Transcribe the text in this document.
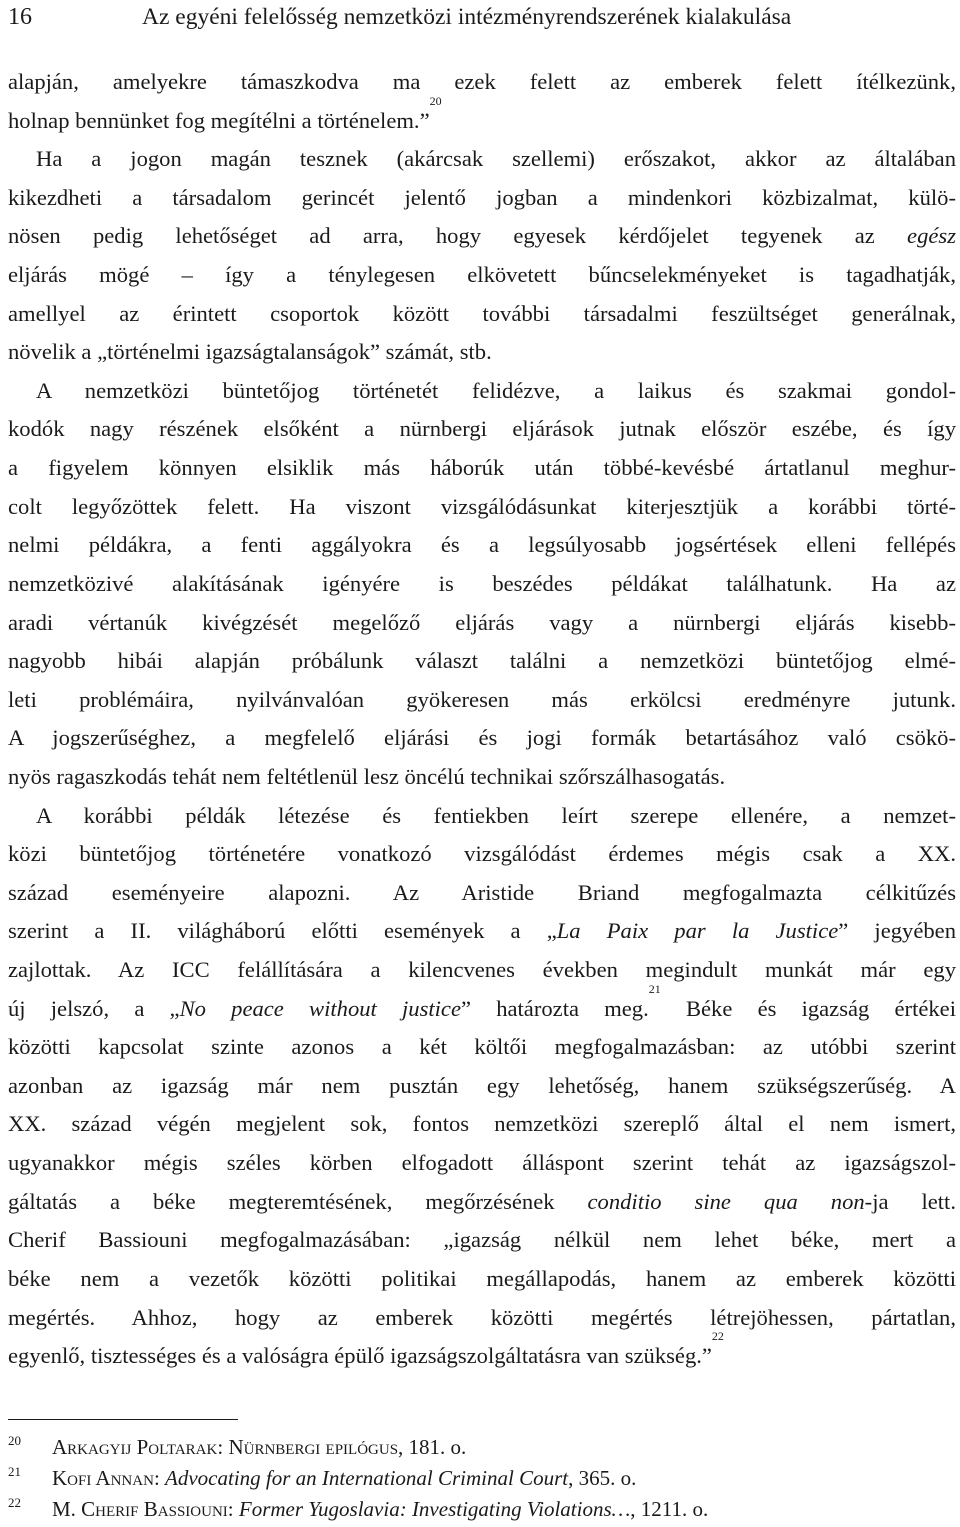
16	Az egyéni felelősség nemzetközi intézményrendszerének kialakulása
alapján, amelyekre támaszkodva ma ezek felett az emberek felett ítélkezünk,
holnap bennünket fog megítélni a történelem.”$^{20}$
Ha a jogon magán tesznek (akárcsak szellemi) erőszakot, akkor az általában
kikezdheti a társadalom gerincét jelentő jogban a mindenkori közbizalmat, külö-
nösen pedig lehetőséget ad arra, hogy egyesek kérdőjelet tegyenek az egész
eljárás mögé – így a ténylegesen elkövetett bűncselekményeket is tagadhatják,
amellyel az érintett csoportok között további társadalmi feszültséget generálnak,
növelik a „történelmi igazságtalanságok” számát, stb.
A nemzetközi büntetőjog történetét felidézve, a laikus és szakmai gondol-
kodók nagy részének elsőként a nürnbergi eljárások jutnak először eszébe, és így
a figyelem könnyen elsiklik más háborúk után többé-kevésbé ártatlanul meghur-
colt legyőzöttek felett. Ha viszont vizsgálódásunkat kiterjesztjük a korábbi törté-
nelmi példákra, a fenti aggályokra és a legsúlyosabb jogsértések elleni fellépés
nemzetközivé alakításának igényére is beszédes példákat találhatunk. Ha az
aradi vértanúk kivégzését megelőző eljárás vagy a nürnbergi eljárás kisebb-
nagyobb hibái alapján próbálunk választ találni a nemzetközi büntetőjog elmé-
leti problémáira, nyilvánvalóan gyökeresen más erkölcsi eredményre jutunk.
A jogszerűséghez, a megfelelő eljárási és jogi formák betartásához való csökö-
nyös ragaszkodás tehát nem feltétlenül lesz öncélú technikai szőrszálhasogatás.
A korábbi példák létezése és fentiekben leírt szerepe ellenére, a nemzet-
közi büntetőjog történetére vonatkozó vizsgálódást érdemes mégis csak a XX.
század eseményeire alapozni. Az Aristide Briand megfogalmazta célkitűzés
szerint a II. világháború előtti események a „La Paix par la Justice” jegyében
zajlottak. Az ICC felállítására a kilencvenes években megindult munkát már egy
új jelszó, a „No peace without justice” határozta meg.$^{21}$ Béke és igazság értékei
közötti kapcsolat szinte azonos a két költői megfogalmazásban: az utóbbi szerint
azonban az igazság már nem pusztán egy lehetőség, hanem szükségszerűség. A
XX. század végén megjelent sok, fontos nemzetközi szereplő által el nem ismert,
ugyanakkor mégis széles körben elfogadott álláspont szerint tehát az igazságszol-
gáltatás a béke megteremtésének, megőrzésének conditio sine qua non-ja lett.
Cherif Bassiouni megfogalmazásában: „igazság nélkül nem lehet béke, mert a
béke nem a vezetők közötti politikai megállapodás, hanem az emberek közötti
megértés. Ahhoz, hogy az emberek közötti megértés létrejöhessen, pártatlan,
egyenlő, tisztességes és a valóságra épülő igazságszolgáltatásra van szükség.”$^{22}$
20 Arkagyij Poltarak: Nürnbergi epilógus, 181. o.
21 Kofi Annan: Advocating for an International Criminal Court, 365. o.
22 M. Cherif Bassiouni: Former Yugoslavia: Investigating Violations…, 1211. o.
